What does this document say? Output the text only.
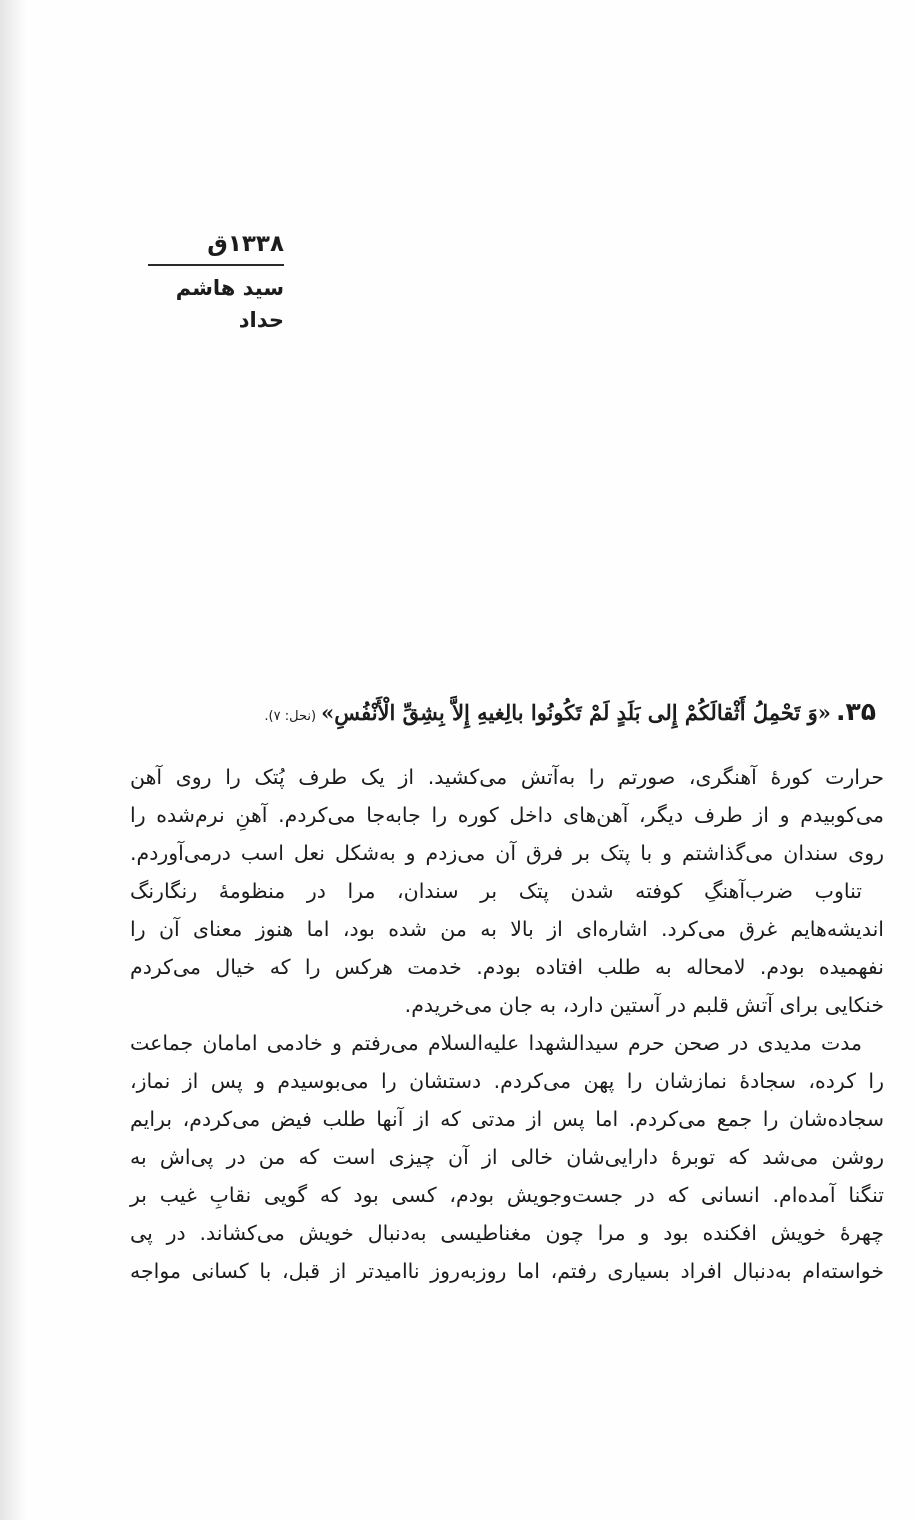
۱۳۳۸ق
سید هاشم حداد
۳۵. «وَ تَحْمِلُ أَثْقالَكُمْ إِلى بَلَدٍ لَمْ تَكُونُوا بالِغيهِ إِلاَّ بِشِقِّ الْأَنْفُسِ» (نحل: ۷).
حرارت کورهٔ آهنگری، صورتم را به‌آتش می‌کشید. از یک طرف پُتک را روی آهن
می‌کوبیدم و از طرف دیگر، آهن‌های داخل کوره را جابه‌جا می‌کردم. آهنِ نرم‌شده را
روی سندان می‌گذاشتم و با پتک بر فرق آن می‌زدم و به‌شکل نعل اسب درمی‌آوردم.
تناوب ضرب‌آهنگِ کوفته شدن پتک بر سندان، مرا در منظومهٔ رنگارنگ
اندیشه‌هایم غرق می‌کرد. اشاره‌ای از بالا به من شده بود، اما هنوز معنای آن را
نفهمیده بودم. لامحاله به طلب افتاده بودم. خدمت هرکس را که خیال می‌کردم
خنکایی برای آتش قلبم در آستین دارد، به جان می‌خریدم.
مدت مدیدی در صحن حرم سیدالشهدا علیه‌السلام می‌رفتم و خادمی امامان جماعت
را کرده، سجادهٔ نمازشان را پهن می‌کردم. دستشان را می‌بوسیدم و پس از نماز،
سجاده‌شان را جمع می‌کردم. اما پس از مدتی که از آنها طلب فیض می‌کردم، برایم
روشن می‌شد که توبرهٔ دارایی‌شان خالی از آن چیزی است که من در پی‌اش به
تنگنا آمده‌ام. انسانی که در جست‌وجویش بودم، کسی بود که گویی نقابِ غیب بر
چهرهٔ خویش افکنده بود و مرا چون مغناطیسی به‌دنبال خویش می‌کشاند. در پی
خواسته‌ام به‌دنبال افراد بسیاری رفتم، اما روزبه‌روز ناامیدتر از قبل، با کسانی مواجه
